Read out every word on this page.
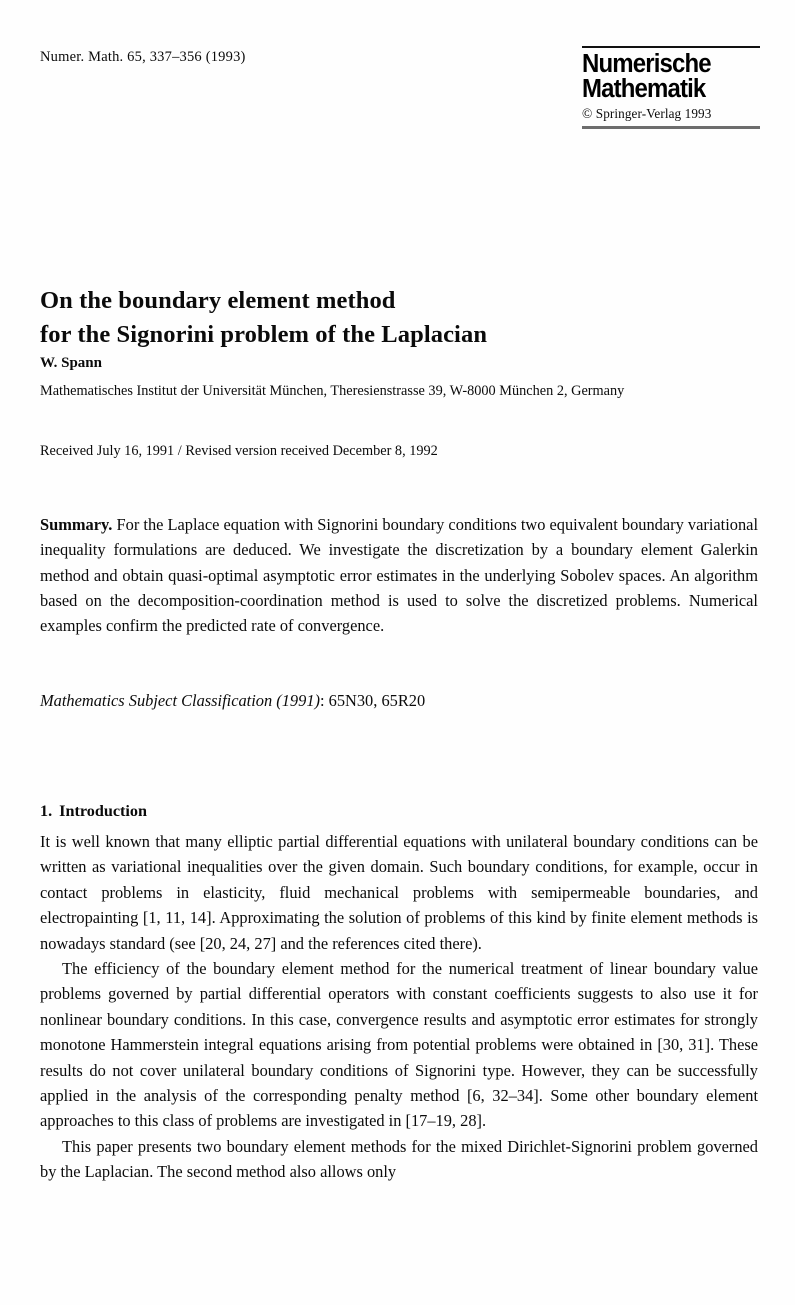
Numer. Math. 65, 337–356 (1993)	Numerische
Mathematik
© Springer-Verlag 1993
On the boundary element method
for the Signorini problem of the Laplacian
W. Spann
Mathematisches Institut der Universität München, Theresienstrasse 39, W-8000 München 2, Germany
Received July 16, 1991 / Revised version received December 8, 1992
Summary. For the Laplace equation with Signorini boundary conditions two equivalent boundary variational inequality formulations are deduced. We investigate the discretization by a boundary element Galerkin method and obtain quasi-optimal asymptotic error estimates in the underlying Sobolev spaces. An algorithm based on the decomposition-coordination method is used to solve the discretized problems. Numerical examples confirm the predicted rate of convergence.
Mathematics Subject Classification (1991): 65N30, 65R20
1. Introduction

It is well known that many elliptic partial differential equations with unilateral boundary conditions can be written as variational inequalities over the given domain. Such boundary conditions, for example, occur in contact problems in elasticity, fluid mechanical problems with semipermeable boundaries, and electropainting [1, 11, 14]. Approximating the solution of problems of this kind by finite element methods is nowadays standard (see [20, 24, 27] and the references cited there).

The efficiency of the boundary element method for the numerical treatment of linear boundary value problems governed by partial differential operators with constant coefficients suggests to also use it for nonlinear boundary conditions. In this case, convergence results and asymptotic error estimates for strongly monotone Hammerstein integral equations arising from potential problems were obtained in [30, 31]. These results do not cover unilateral boundary conditions of Signorini type. However, they can be successfully applied in the analysis of the corresponding penalty method [6, 32–34]. Some other boundary element approaches to this class of problems are investigated in [17–19, 28].

This paper presents two boundary element methods for the mixed Dirichlet-Signorini problem governed by the Laplacian. The second method also allows only
